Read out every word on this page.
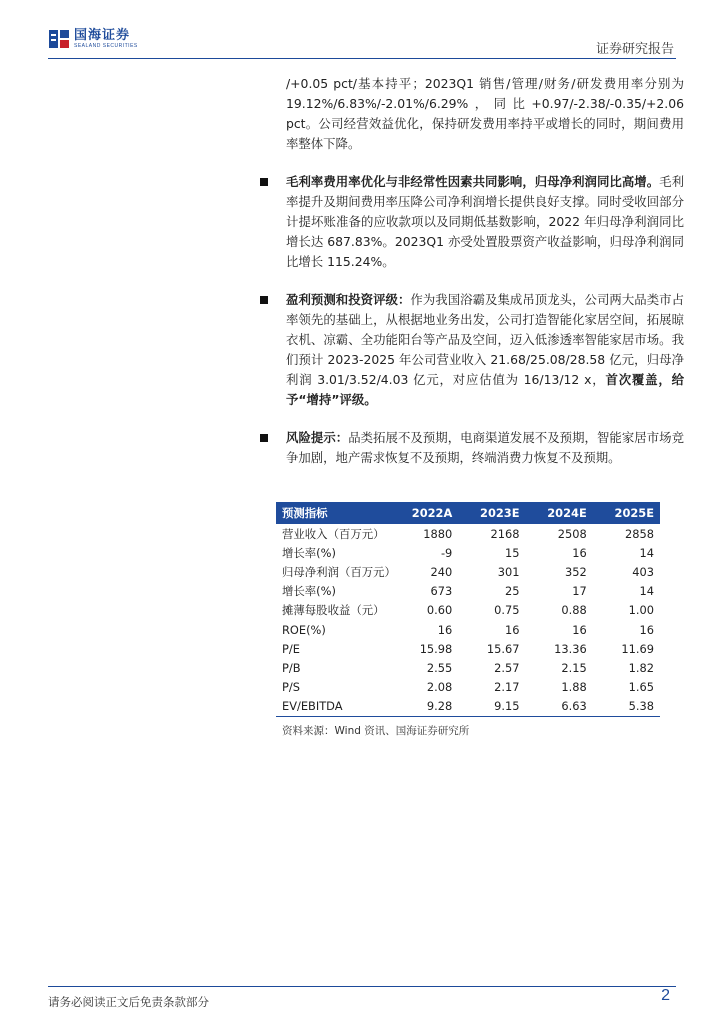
国海证券
SEALAND SECURITIES	证券研究报告

/+0.05 pct/基本持平；2023Q1 销售/管理/财务/研发费用率分别为 19.12%/6.83%/-2.01%/6.29%，同比+0.97/-2.38/-0.35/+2.06 pct。公司经营效益优化，保持研发费用率持平或增长的同时，期间费用率整体下降。

毛利率费用率优化与非经常性因素共同影响，归母净利润同比高增。毛利率提升及期间费用率压降公司净利润增长提供良好支撑。同时受收回部分计提坏账准备的应收款项以及同期低基数影响，2022 年归母净利润同比增长达 687.83%。2023Q1 亦受处置股票资产收益影响，归母净利润同比增长 115.24%。

盈利预测和投资评级：作为我国浴霸及集成吊顶龙头，公司两大品类市占率领先的基础上，从根据地业务出发，公司打造智能化家居空间，拓展晾衣机、凉霸、全功能阳台等产品及空间，迈入低渗透率智能家居市场。我们预计 2023-2025 年公司营业收入 21.68/25.08/28.58 亿元，归母净利润 3.01/3.52/4.03 亿元，对应估值为 16/13/12 x，首次覆盖，给予“增持”评级。

风险提示：品类拓展不及预期，电商渠道发展不及预期，智能家居市场竞争加剧，地产需求恢复不及预期，终端消费力恢复不及预期。

预测指标	2022A	2023E	2024E	2025E
营业收入（百万元）	1880	2168	2508	2858
增长率(%)	-9	15	16	14
归母净利润（百万元）	240	301	352	403
增长率(%)	673	25	17	14
摊薄每股收益（元）	0.60	0.75	0.88	1.00
ROE(%)	16	16	16	16
P/E	15.98	15.67	13.36	11.69
P/B	2.55	2.57	2.15	1.82
P/S	2.08	2.17	1.88	1.65
EV/EBITDA	9.28	9.15	6.63	5.38
资料来源：Wind 资讯、国海证券研究所
请务必阅读正文后免责条款部分	2
